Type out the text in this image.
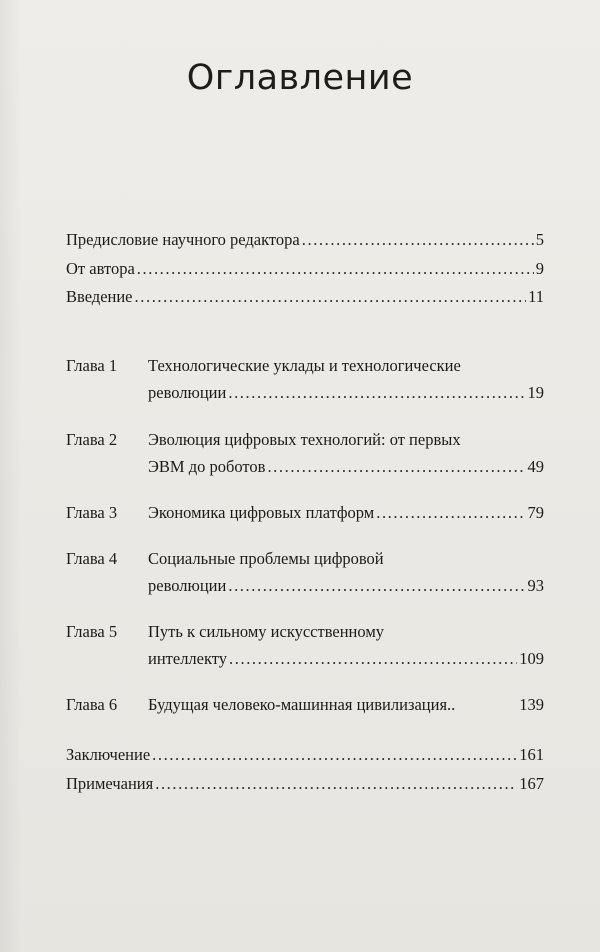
Оглавление
Предисловие научного редактора .....	5
От автора .....	9
Введение .....	11
Глава 1 Технологические уклады и технологические
революции .....	19
Глава 2 Эволюция цифровых технологий: от первых
ЭВМ до роботов .....	49
Глава 3 Экономика цифровых платформ .....	79
Глава 4 Социальные проблемы цифровой
революции .....	93
Глава 5 Путь к сильному искусственному
интеллекту .....	109
Глава 6 Будущая человеко-машинная цивилизация..	139
Заключение .....	161
Примечания .....	167
